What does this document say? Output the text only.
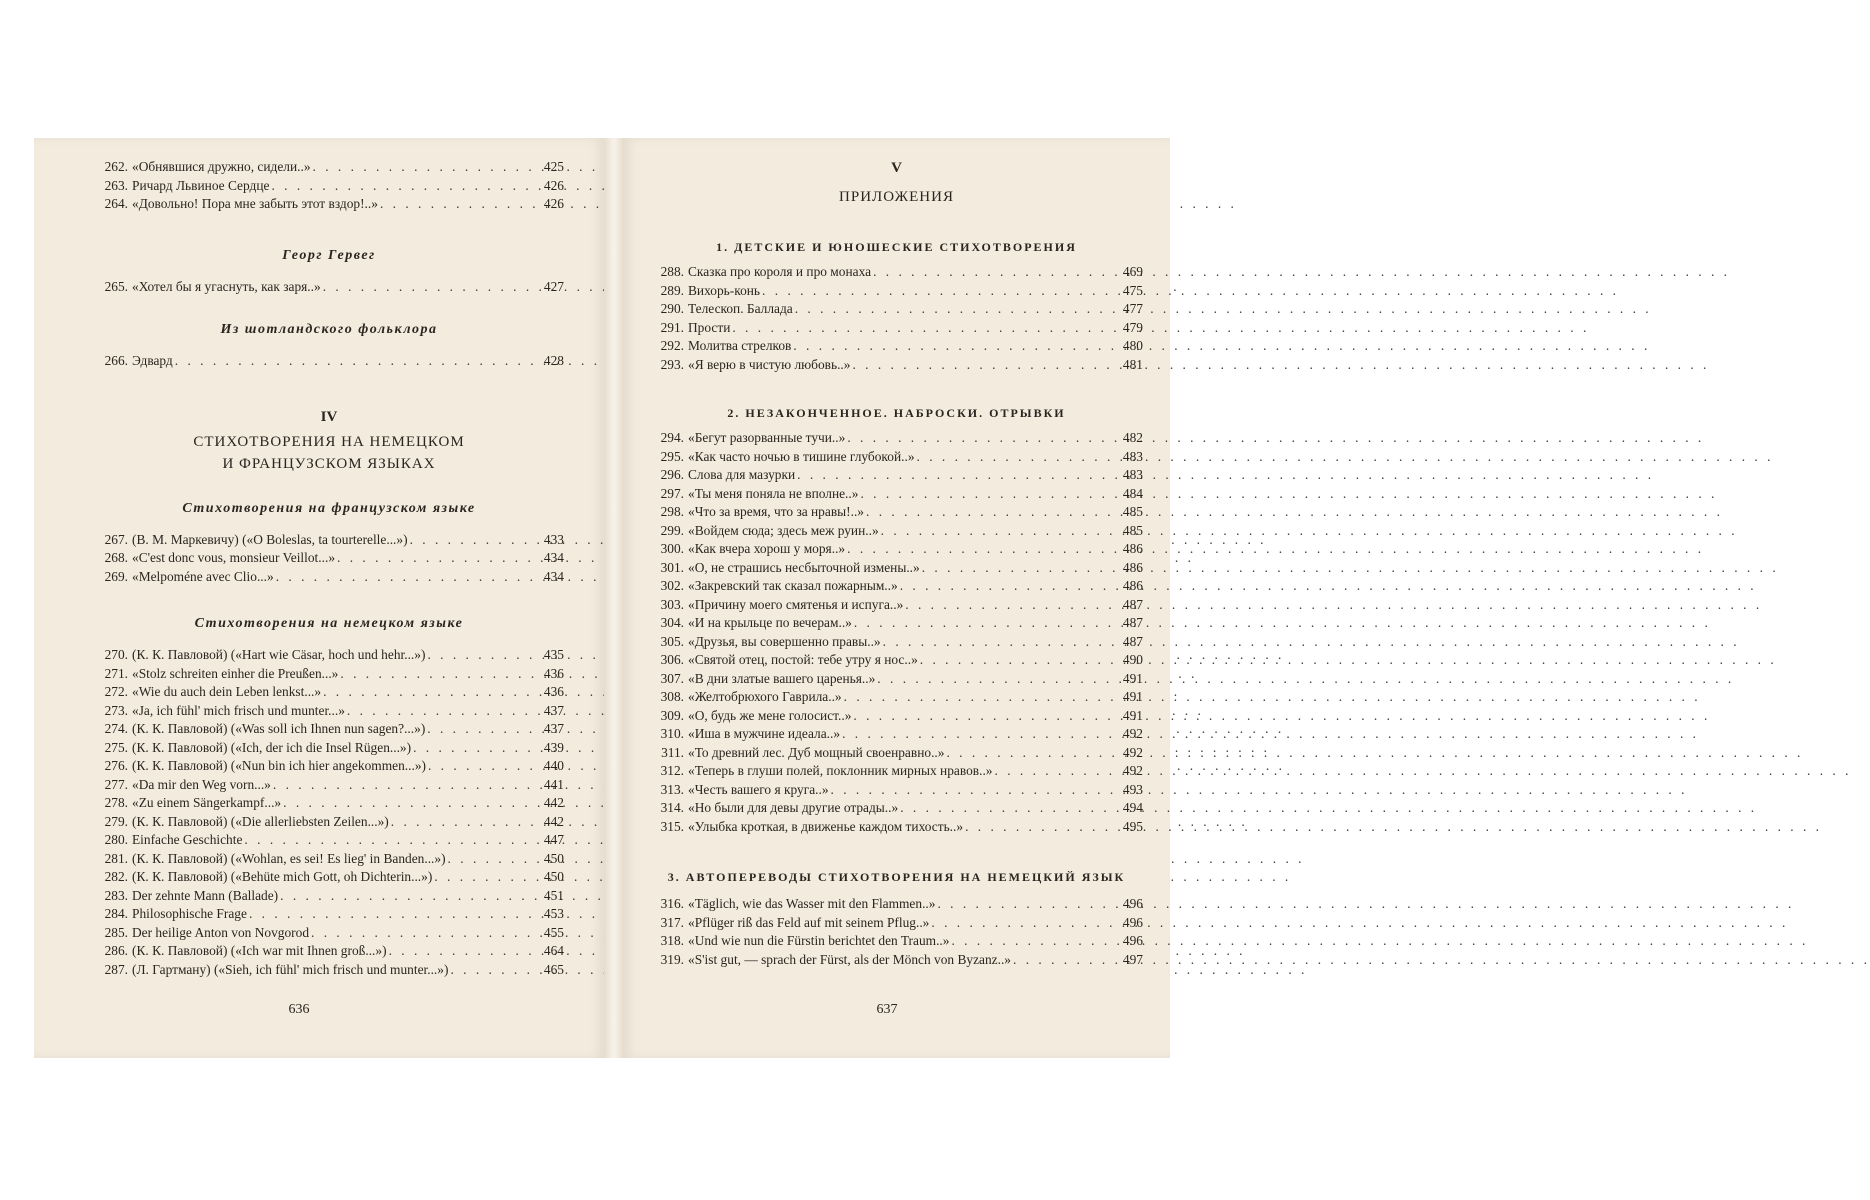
262. «Обнявшися дружно, сидели..» . . .	425
263. Ричард Львиное Сердце . . .	426
264. «Довольно! Пора мне забыть этот вздор!..» . . .	426
Георг Гервег
265. «Хотел бы я угаснуть, как заря..» . . .	427
Из шотландского фольклора
266. Эдвард . . .	428
IV
СТИХОТВОРЕНИЯ НА НЕМЕЦКОМ
И ФРАНЦУЗСКОМ ЯЗЫКАХ
Стихотворения на французском языке
267. (В. М. Маркевичу) («O Boleslas, ta tourterelle...») . . .	433
268. «C'est donc vous, monsieur Veillot...» . . .	434
269. «Melpoméne avec Clio...» . . .	434
Стихотворения на немецком языке
270. (К. К. Павловой) («Hart wie Cäsar, hoch und hehr...») . . .	435
271. «Stolz schreiten einher die Preußen...» . . .	436
272. «Wie du auch dein Leben lenkst...» . . .	436
273. «Ja, ich fühl' mich frisch und munter...» . . .	437
274. (К. К. Павловой) («Was soll ich Ihnen nun sagen?...») . . .	437
275. (К. К. Павловой) («Ich, der ich die Insel Rügen...») . . .	439
276. (К. К. Павловой) («Nun bin ich hier angekommen...») . . .	440
277. «Da mir den Weg vorn...» . . .	441
278. «Zu einem Sängerkampf...» . . .	442
279. (К. К. Павловой) («Die allerliebsten Zeilen...») . . .	442
280. Einfache Geschichte . . .	447
281. (К. К. Павловой) («Wohlan, es sei! Es lieg' in Banden...») . . .	450
282. (К. К. Павловой) («Behüte mich Gott, oh Dichterin...») . . .	450
283. Der zehnte Mann (Ballade) . . .	451
284. Philosophische Frage . . .	453
285. Der heilige Anton von Novgorod . . .	455
286. (К. К. Павловой) («Ich war mit Ihnen groß...») . . .	464
287. (Л. Гартману) («Sieh, ich fühl' mich frisch und munter...») . . .	465
636
V
ПРИЛОЖЕНИЯ
1. ДЕТСКИЕ И ЮНОШЕСКИЕ СТИХОТВОРЕНИЯ
288. Сказка про короля и про монаха . . .	469
289. Вихорь-конь . . .	475
290. Телескоп. Баллада . . .	477
291. Прости . . .	479
292. Молитва стрелков . . .	480
293. «Я верю в чистую любовь..» . . .	481
2. НЕЗАКОНЧЕННОЕ. НАБРОСКИ. ОТРЫВКИ
294. «Бегут разорванные тучи..» . . .	482
295. «Как часто ночью в тишине глубокой..» . . .	483
296. Слова для мазурки . . .	483
297. «Ты меня поняла не вполне..» . . .	484
298. «Что за время, что за нравы!..» . . .	485
299. «Войдем сюда; здесь меж руин..» . . .	485
300. «Как вчера хорош у моря..» . . .	486
301. «О, не страшись несбыточной измены..» . . .	486
302. «Закревский так сказал пожарным..» . . .	486
303. «Причину моего смятенья и испуга..» . . .	487
304. «И на крыльце по вечерам..» . . .	487
305. «Друзья, вы совершенно правы..» . . .	487
306. «Святой отец, постой: тебе утру я нос..» . . .	490
307. «В дни златые вашего царенья..» . . .	491
308. «Желтобрюхого Гаврила..» . . .	491
309. «О, будь же мене голосист..» . . .	491
310. «Иша в мужчине идеала..» . . .	492
311. «То древний лес. Дуб мощный своенравно..» . . .	492
312. «Теперь в глуши полей, поклонник мирных нравов..» . . .	492
313. «Честь вашего я круга..» . . .	493
314. «Но были для девы другие отрады..» . . .	494
315. «Улыбка кроткая, в движенье каждом тихость..» . . .	495
3. АВТОПЕРЕВОДЫ СТИХОТВОРЕНИЯ НА НЕМЕЦКИЙ ЯЗЫК
316. «Täglich, wie das Wasser mit den Flammen..» . . .	496
317. «Pflüger riß das Feld auf mit seinem Pflug..» . . .	496
318. «Und wie nun die Fürstin berichtet den Traum..» . . .	496
319. «S'ist gut, — sprach der Fürst, als der Mönch von Byzanz..» . . .	497
637
